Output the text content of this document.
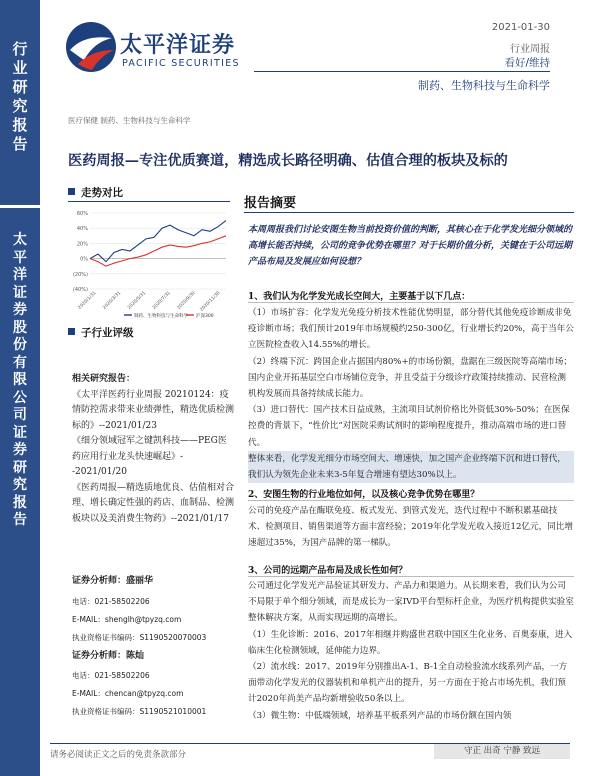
行
业
研
究
报
告
太
平
洋
证
券
股
份
有
限
公
司
证
券
研
究
报
告
太平洋证券
PACIFIC SECURITIES
2021-01-30
行业周报
看好/维持
制药、生物科技与生命科学
医疗保健 制药、生物科技与生命科学
医药周报—专注优质赛道，精选成长路径明确、估值合理的板块及标的
走势对比
60%
40%
20%
0%
(20%)
(40%)
2020/1/31 2020/3/31 2020/5/31 2020/7/31 2020/9/30 2020/11/30
制药、生物科技与生命科学 沪深300
子行业评级
相关研究报告：
《太平洋医药行业周报 20210124：疫情防控需求带来业绩弹性，精选优质检测标的》--2021/01/23
《细分领域冠军之键凯科技——PEG医药应用行业龙头快速崛起》--2021/01/20
《医药周报—精选质地优良、估值相对合理、增长确定性强的药店、血制品、检测板块以及美消费生物药》--2021/01/17
证券分析师：盛丽华
电话：021-58502206
E-MAIL：shenglh@tpyzq.com
执业资格证书编码：S1190520070003
证券分析师：陈灿
电话：021-58502206
E-MAIL：chencan@tpyzq.com
执业资格证书编码：S1190521010001
报告摘要
本周周报我们讨论安图生物当前投资价值的判断，其核心在于化学发光细分领域的高增长能否持续，公司的竞争优势在哪里？对于长期价值分析，关键在于公司远期产品布局及发展应如何设想？
1、我们认为化学发光成长空间大，主要基于以下几点：
（1）市场扩容：化学发光免疫分析技术性能优势明显，部分替代其他免疫诊断成非免疫诊断市场；我们预计2019年市场规模约250-300亿，行业增长约20%，高于当年公立医院检查收入14.55%的增长。
（2）终端下沉：跨国企业占据国内80%+的市场份额，盘踞在三级医院等高端市场；国内企业开拓基层空白市场铺位竞争，并且受益于分级诊疗政策持续推动、民营检测机构发展而具备持续成长能力。
（3）进口替代：国产技术日益成熟，主流项目试剂价格比外资低30%-50%；在医保控费的背景下，“性价比”对医院采购试剂时的影响程度提升，推动高端市场的进口替代。
整体来看，化学发光细分市场空间大、增速快，加之国产企业终端下沉和进口替代，我们认为领先企业未来3-5年复合增速有望达30%以上。
2、安图生物的行业地位如何，以及核心竞争优势在哪里？
公司的免疫产品在酶联免疫、板式发光、到管式发光，迭代过程中不断积累基础技术、检测项目、销售渠道等方面丰富经验；2019年化学发光收入接近12亿元，同比增速超过35%，为国产品牌的第一梯队。
3、公司的远期产品布局及成长性如何？
公司通过化学发光产品验证其研发力、产品力和渠道力。从长期来看，我们认为公司不局限于单个细分领域，而是成长为一家IVD平台型标杆企业，为医疗机构提供实验室整体解决方案，从而实现远期的高增长。
（1）生化诊断：2016、2017年相继并购盛世君联中国区生化业务、百奥泰康，进入临床生化检测领域，延伸能力边界。
（2）流水线：2017、2019年分别推出A-1、B-1全自动检验流水线系列产品，一方面带动化学发光的仪器装机和单机产出的提升，另一方面在于抢占市场先机，我们预计2020年尚美产品均新增验收50条以上。
（3）微生物：中低端领域，培养基平板系列产品的市场份额在国内领
请务必阅读正文之后的免责条款部分	守正 出奇 宁静 致远
